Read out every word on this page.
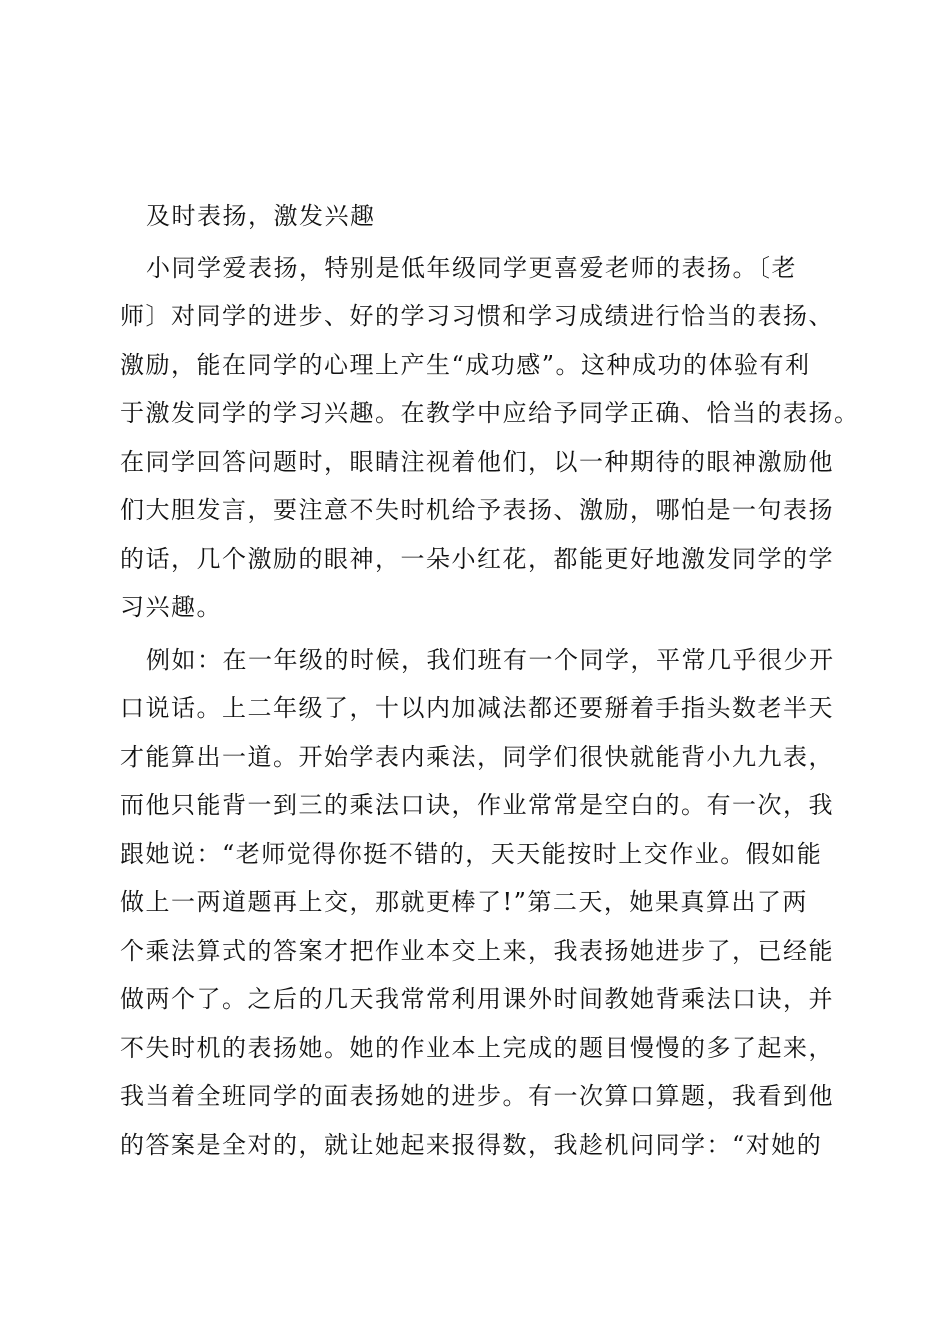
及时表扬，激发兴趣
小同学爱表扬，特别是低年级同学更喜爱老师的表扬。〔老
师〕对同学的进步、好的学习习惯和学习成绩进行恰当的表扬、
激励，能在同学的心理上产生“成功感”。这种成功的体验有利
于激发同学的学习兴趣。在教学中应给予同学正确、恰当的表扬。
在同学回答问题时，眼睛注视着他们，以一种期待的眼神激励他
们大胆发言，要注意不失时机给予表扬、激励，哪怕是一句表扬
的话，几个激励的眼神，一朵小红花，都能更好地激发同学的学
习兴趣。
例如：在一年级的时候，我们班有一个同学，平常几乎很少开
口说话。上二年级了，十以内加减法都还要掰着手指头数老半天
才能算出一道。开始学表内乘法，同学们很快就能背小九九表，
而他只能背一到三的乘法口诀，作业常常是空白的。有一次，我
跟她说：“老师觉得你挺不错的，天天能按时上交作业。假如能
做上一两道题再上交，那就更棒了!”第二天，她果真算出了两
个乘法算式的答案才把作业本交上来，我表扬她进步了，已经能
做两个了。之后的几天我常常利用课外时间教她背乘法口诀，并
不失时机的表扬她。她的作业本上完成的题目慢慢的多了起来，
我当着全班同学的面表扬她的进步。有一次算口算题，我看到他
的答案是全对的，就让她起来报得数，我趁机问同学：“对她的
